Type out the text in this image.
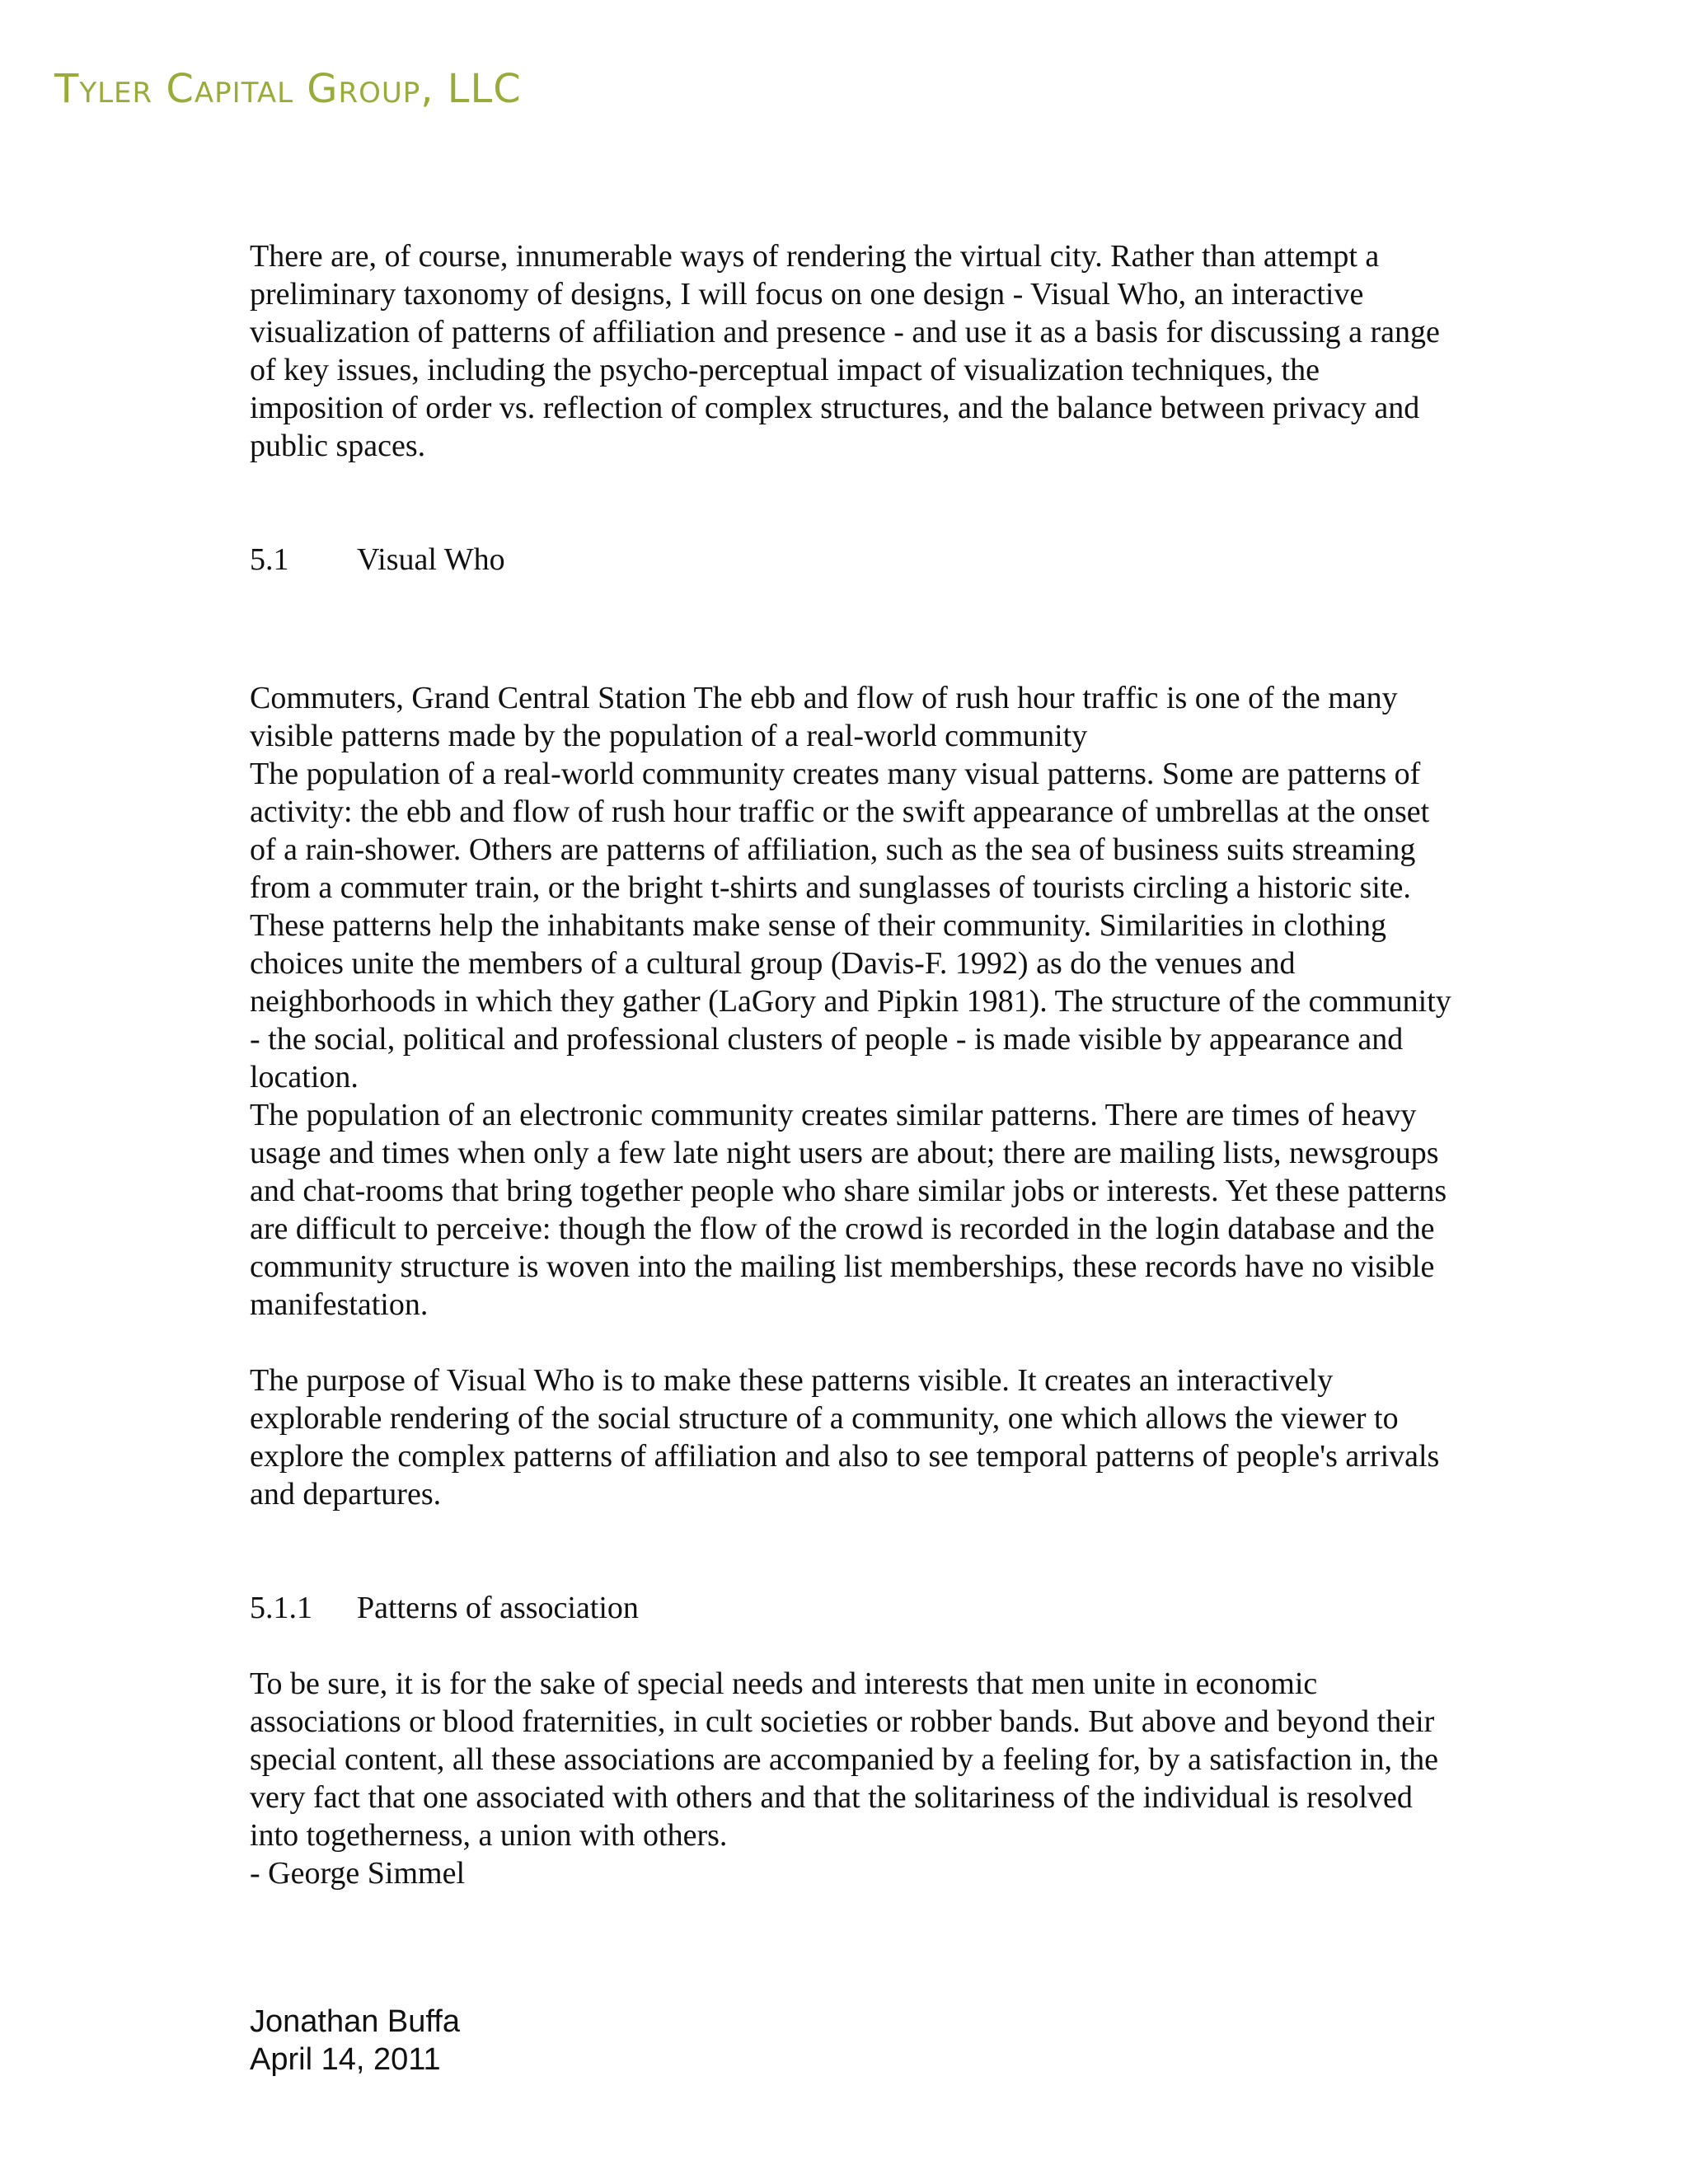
Tyler Capital Group, LLC

There are, of course, innumerable ways of rendering the virtual city. Rather than attempt a preliminary taxonomy of designs, I will focus on one design - Visual Who, an interactive visualization of patterns of affiliation and presence - and use it as a basis for discussing a range of key issues, including the psycho-perceptual impact of visualization techniques, the imposition of order vs. reflection of complex structures, and the balance between privacy and public spaces.

5.1	Visual Who

Commuters, Grand Central Station The ebb and flow of rush hour traffic is one of the many visible patterns made by the population of a real-world community

The population of a real-world community creates many visual patterns. Some are patterns of activity: the ebb and flow of rush hour traffic or the swift appearance of umbrellas at the onset of a rain-shower. Others are patterns of affiliation, such as the sea of business suits streaming from a commuter train, or the bright t-shirts and sunglasses of tourists circling a historic site. These patterns help the inhabitants make sense of their community. Similarities in clothing choices unite the members of a cultural group (Davis-F. 1992) as do the venues and neighborhoods in which they gather (LaGory and Pipkin 1981). The structure of the community - the social, political and professional clusters of people - is made visible by appearance and location.

The population of an electronic community creates similar patterns. There are times of heavy usage and times when only a few late night users are about; there are mailing lists, newsgroups and chat-rooms that bring together people who share similar jobs or interests. Yet these patterns are difficult to perceive: though the flow of the crowd is recorded in the login database and the community structure is woven into the mailing list memberships, these records have no visible manifestation.

The purpose of Visual Who is to make these patterns visible. It creates an interactively explorable rendering of the social structure of a community, one which allows the viewer to explore the complex patterns of affiliation and also to see temporal patterns of people's arrivals and departures.

5.1.1	Patterns of association

To be sure, it is for the sake of special needs and interests that men unite in economic associations or blood fraternities, in cult societies or robber bands. But above and beyond their special content, all these associations are accompanied by a feeling for, by a satisfaction in, the very fact that one associated with others and that the solitariness of the individual is resolved into togetherness, a union with others.

- George Simmel

Jonathan Buffa
April 14, 2011
